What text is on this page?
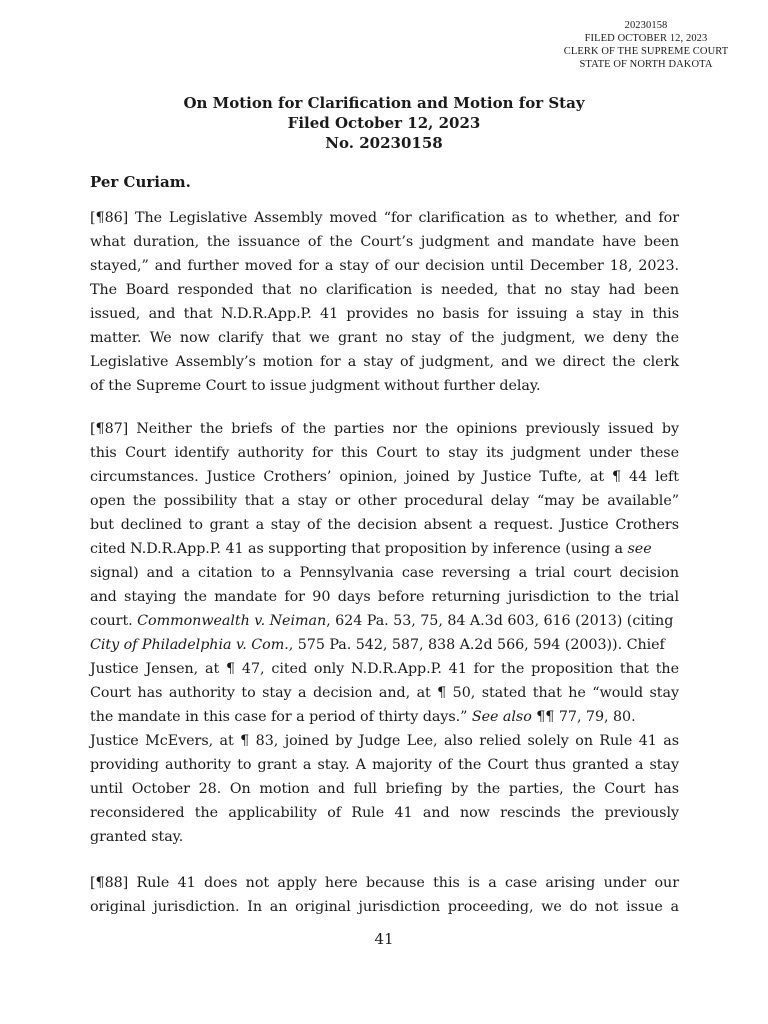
20230158
FILED OCTOBER 12, 2023
CLERK OF THE SUPREME COURT
STATE OF NORTH DAKOTA
On Motion for Clarification and Motion for Stay
Filed October 12, 2023
No. 20230158
Per Curiam.
[¶86] The Legislative Assembly moved “for clarification as to whether, and for
what duration, the issuance of the Court’s judgment and mandate have been
stayed,” and further moved for a stay of our decision until December 18, 2023.
The Board responded that no clarification is needed, that no stay had been
issued, and that N.D.R.App.P. 41 provides no basis for issuing a stay in this
matter. We now clarify that we grant no stay of the judgment, we deny the
Legislative Assembly’s motion for a stay of judgment, and we direct the clerk
of the Supreme Court to issue judgment without further delay.
[¶87] Neither the briefs of the parties nor the opinions previously issued by
this Court identify authority for this Court to stay its judgment under these
circumstances. Justice Crothers’ opinion, joined by Justice Tufte, at ¶ 44 left
open the possibility that a stay or other procedural delay “may be available”
but declined to grant a stay of the decision absent a request. Justice Crothers
cited N.D.R.App.P. 41 as supporting that proposition by inference (using a see
signal) and a citation to a Pennsylvania case reversing a trial court decision
and staying the mandate for 90 days before returning jurisdiction to the trial
court. Commonwealth v. Neiman, 624 Pa. 53, 75, 84 A.3d 603, 616 (2013) (citing
City of Philadelphia v. Com., 575 Pa. 542, 587, 838 A.2d 566, 594 (2003)). Chief
Justice Jensen, at ¶ 47, cited only N.D.R.App.P. 41 for the proposition that the
Court has authority to stay a decision and, at ¶ 50, stated that he “would stay
the mandate in this case for a period of thirty days.” See also ¶¶ 77, 79, 80.
Justice McEvers, at ¶ 83, joined by Judge Lee, also relied solely on Rule 41 as
providing authority to grant a stay. A majority of the Court thus granted a stay
until October 28. On motion and full briefing by the parties, the Court has
reconsidered the applicability of Rule 41 and now rescinds the previously
granted stay.
[¶88] Rule 41 does not apply here because this is a case arising under our
original jurisdiction. In an original jurisdiction proceeding, we do not issue a
41
